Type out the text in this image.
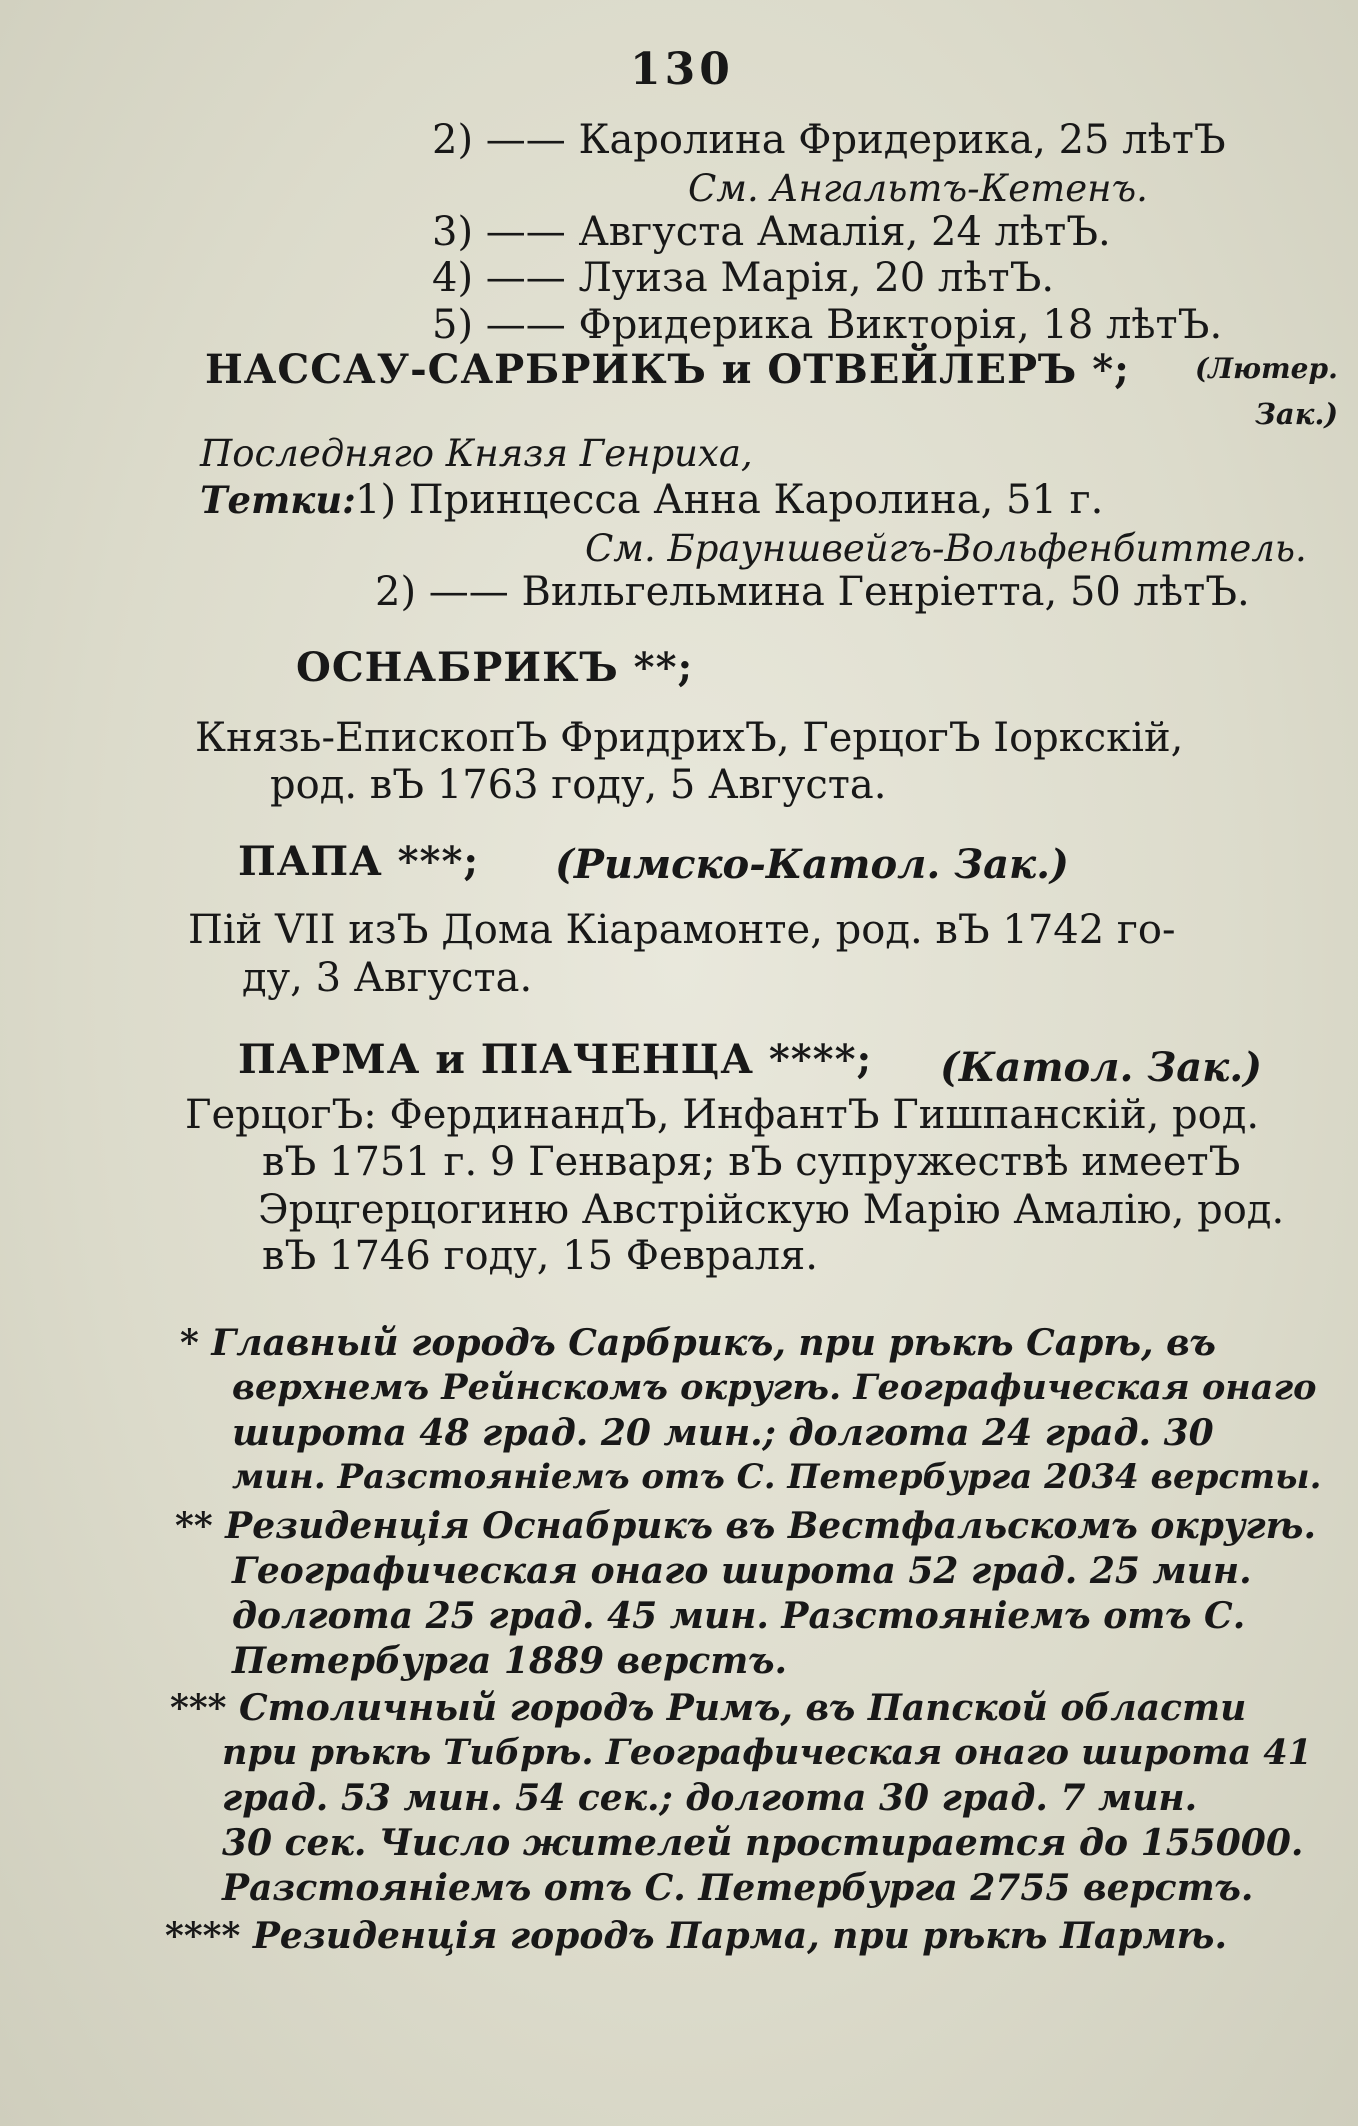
130
2) —— Каролина Фридерика, 25 лѣтЪ
См. Ангальтъ-Кетенъ.
3) —— Августа Амалія, 24 лѣтЪ.
4) —— Луиза Марія, 20 лѣтЪ.
5) —— Фридерика Викторія, 18 лѣтЪ.
НАССАУ-САРБРИКЪ и ОТВЕЙЛЕРЪ *; (Лютер.
Зак.)
Последняго Князя Генриха,
Тетки: 1) Принцесса Анна Каролина, 51 г.
См. Брауншвейгъ-Вольфенбиттель.
2) —— Вильгельмина Генріетта, 50 лѣтЪ.
ОСНАБРИКЪ **;
Князь-ЕпископЪ ФридрихЪ, ГерцогЪ Іоркскій,
род. вЪ 1763 году, 5 Августа.
ПАПА ***; (Римско-Катол. Зак.)
Пій VII изЪ Дома Кіарамонте, род. вЪ 1742 го-
ду, 3 Августа.
ПАРМА и ПІАЧЕНЦА ****; (Катол. Зак.)
ГерцогЪ: ФердинандЪ, ИнфантЪ Гишпанскій, род.
вЪ 1751 г. 9 Генваря; вЪ супружествѣ имеетЪ
Эрцгерцогиню Австрійскую Марію Амалію, род.
вЪ 1746 году, 15 Февраля.
* Главный городъ Сарбрикъ, при рѣкѣ Сарѣ, въ
верхнемъ Рейнскомъ округѣ. Географическая онаго
широта 48 град. 20 мин.; долгота 24 град. 30
мин. Разстояніемъ отъ С. Петербурга 2034 версты.
** Резиденція Оснабрикъ въ Вестфальскомъ округѣ.
Географическая онаго широта 52 град. 25 мин.
долгота 25 град. 45 мин. Разстояніемъ отъ С.
Петербурга 1889 верстъ.
*** Столичный городъ Римъ, въ Папской области
при рѣкѣ Тибрѣ. Географическая онаго широта 41
град. 53 мин. 54 сек.; долгота 30 град. 7 мин.
30 сек. Число жителей простирается до 155000.
Разстояніемъ отъ С. Петербурга 2755 верстъ.
**** Резиденція городъ Парма, при рѣкѣ Пармѣ.
